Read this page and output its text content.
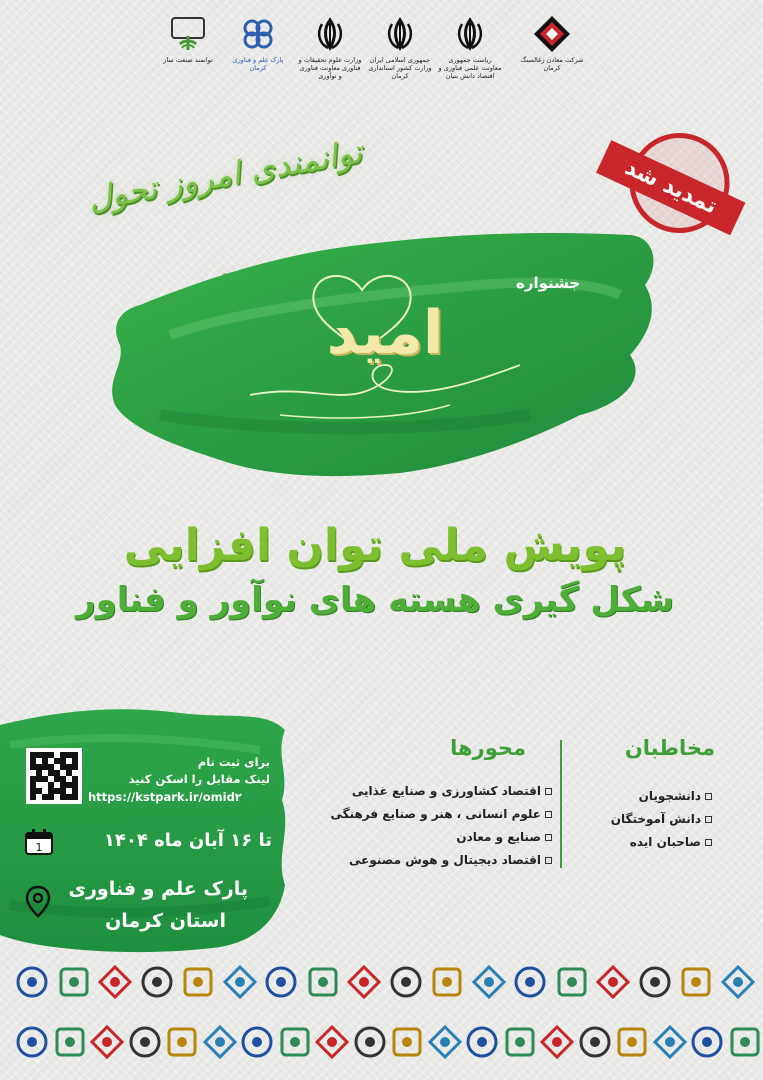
شرکت معادن زغالسنگ کرمان
ریاست جمهوری معاونت علمی فناوری و اقتصاد دانش بنیان
جمهوری اسلامی ایران وزارت کشور استانداری کرمان
وزارت علوم تحقیقات و فناوری معاونت فناوری و نوآوری
پارک علم و فناوری کرمان
توانمند صنعت ساز
توانمندی امروز تحول	تمدید شد
جشنواره
امید
پویش ملی توان افزایی
شکل گیری هسته های نوآور و فناور
برای ثبت نام
لینک مقابل را اسکن کنید
https://kstpark.ir/omid۲
1	تا ۱۶ آبان ماه ۱۴۰۴
پارک علم و فناوری
استان کرمان
مخاطبان
محورها
دانشجویان
دانش آموختگان
صاحبان ایده
اقتصاد کشاورزی و صنایع غذایی
علوم انسانی ، هنر و صنایع فرهنگی
صنایع و معادن
اقتصاد دیجیتال و هوش مصنوعی
